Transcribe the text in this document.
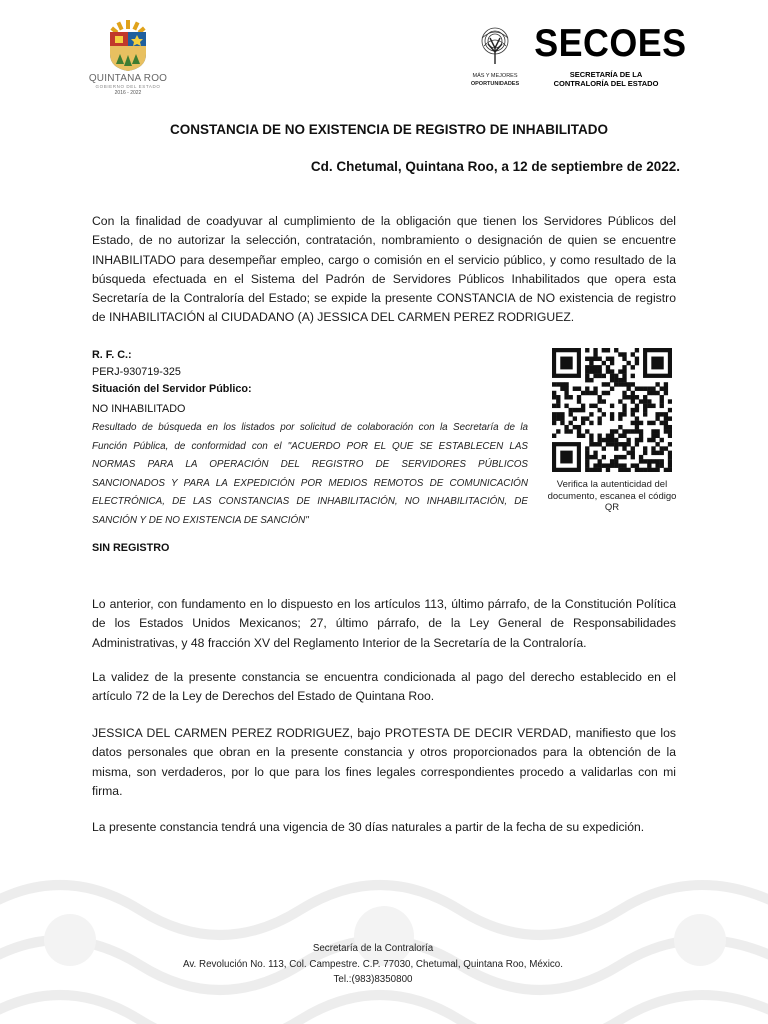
QUINTANA ROO
GOBIERNO DEL ESTADO
2016 - 2022
MÁS Y MEJORES
OPORTUNIDADES
SECOES
SECRETARÍA DE LA
CONTRALORÍA DEL ESTADO
CONSTANCIA DE NO EXISTENCIA DE REGISTRO DE INHABILITADO
Cd. Chetumal, Quintana Roo, a 12 de septiembre de 2022.
Con la finalidad de coadyuvar al cumplimiento de la obligación que tienen los Servidores Públicos del Estado, de no autorizar la selección, contratación, nombramiento o designación de quien se encuentre INHABILITADO para desempeñar empleo, cargo o comisión en el servicio público, y como resultado de la búsqueda efectuada en el Sistema del Padrón de Servidores Públicos Inhabilitados que opera esta Secretaría de la Contraloría del Estado; se expide la presente CONSTANCIA de NO existencia de registro de INHABILITACIÓN al CIUDADANO (A) JESSICA DEL CARMEN PEREZ RODRIGUEZ.
R. F. C.:
PERJ-930719-325
Situación del Servidor Público:
NO INHABILITADO
Resultado de búsqueda en los listados por solicitud de colaboración con la Secretaría de la Función Pública, de conformidad con el "ACUERDO POR EL QUE SE ESTABLECEN LAS NORMAS PARA LA OPERACIÓN DEL REGISTRO DE SERVIDORES PÚBLICOS SANCIONADOS Y PARA LA EXPEDICIÓN POR MEDIOS REMOTOS DE COMUNICACIÓN ELECTRÓNICA, DE LAS CONSTANCIAS DE INHABILITACIÓN, NO INHABILITACIÓN, DE SANCIÓN Y DE NO EXISTENCIA DE SANCIÓN"
SIN REGISTRO
Verifica la autenticidad del documento, escanea el código QR
Lo anterior, con fundamento en lo dispuesto en los artículos 113, último párrafo, de la Constitución Política de los Estados Unidos Mexicanos; 27, último párrafo, de la Ley General de Responsabilidades Administrativas, y 48 fracción XV del Reglamento Interior de la Secretaría de la Contraloría.
La validez de la presente constancia se encuentra condicionada al pago del derecho establecido en el artículo 72 de la Ley de Derechos del Estado de Quintana Roo.
JESSICA DEL CARMEN PEREZ RODRIGUEZ, bajo PROTESTA DE DECIR VERDAD, manifiesto que los datos personales que obran en la presente constancia y otros proporcionados para la obtención de la misma, son verdaderos, por lo que para los fines legales correspondientes procedo a validarlas con mi firma.
La presente constancia tendrá una vigencia de 30 días naturales a partir de la fecha de su expedición.
Secretaría de la Contraloría
Av. Revolución No. 113, Col. Campestre. C.P. 77030, Chetumal, Quintana Roo, México.
Tel.:(983)8350800
